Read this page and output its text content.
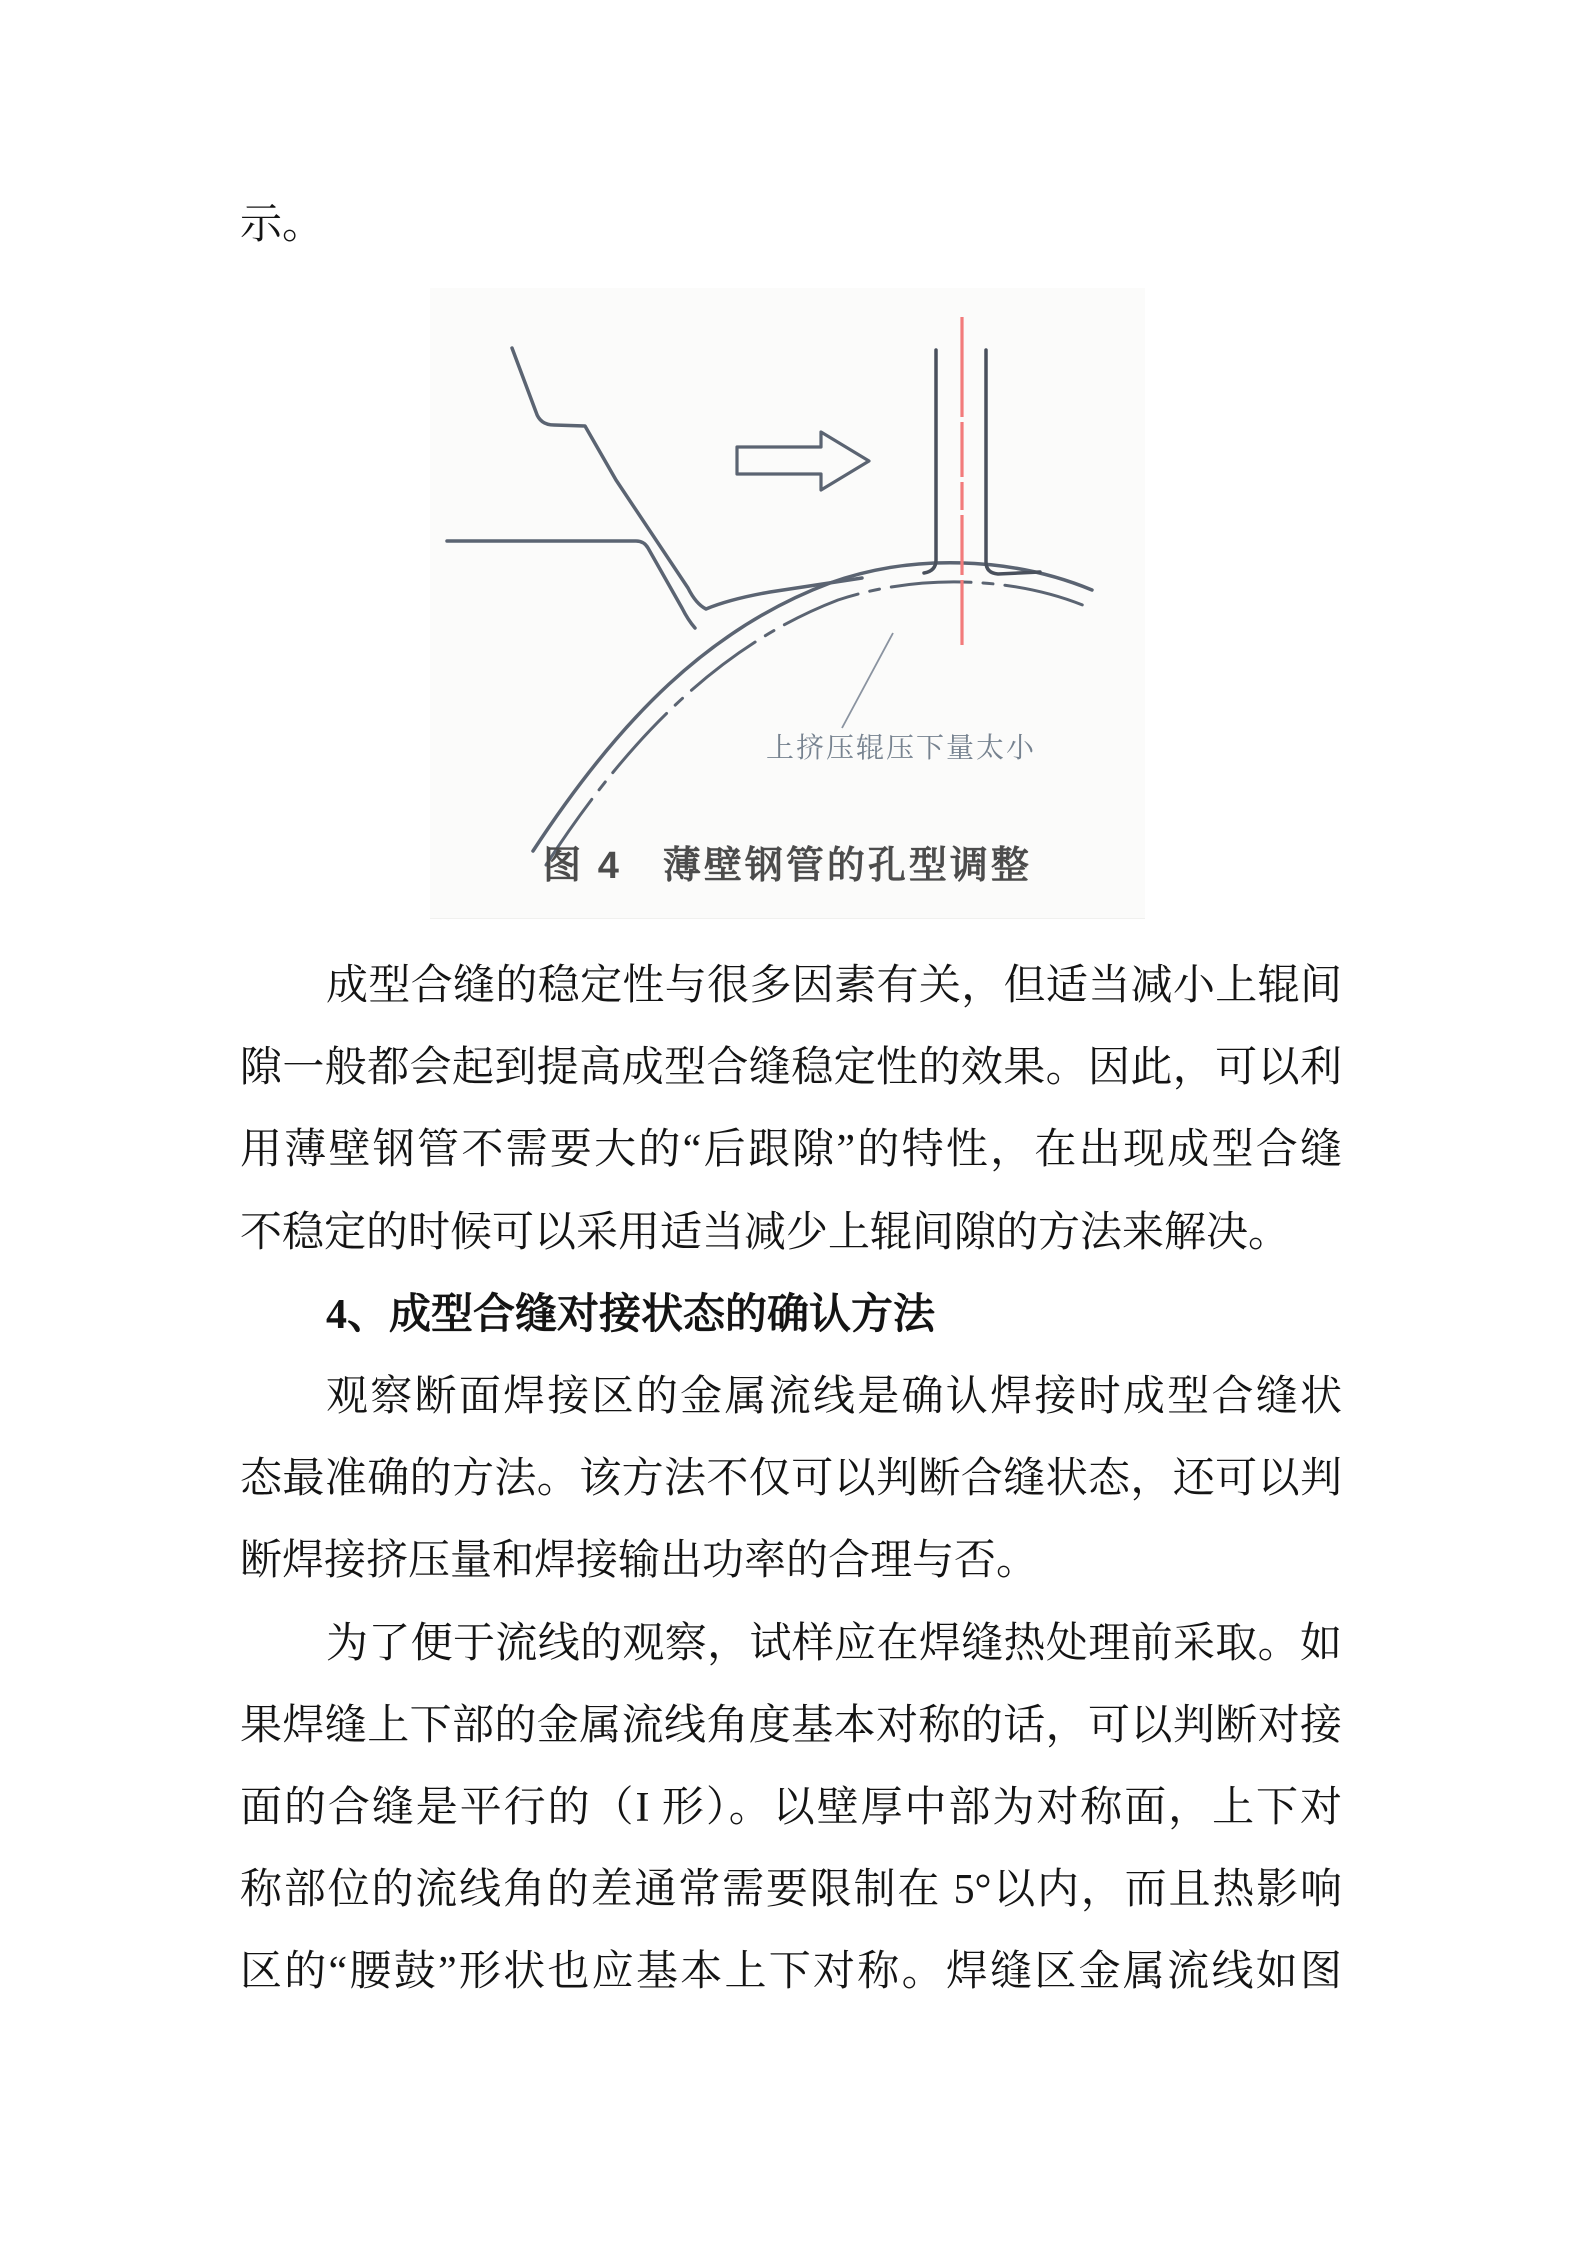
示。
成型合缝的稳定性与很多因素有关，但适当减小上辊间
隙一般都会起到提高成型合缝稳定性的效果。因此，可以利
用薄壁钢管不需要大的“后跟隙”的特性，在出现成型合缝
不稳定的时候可以采用适当减少上辊间隙的方法来解决。
4、成型合缝对接状态的确认方法
观察断面焊接区的金属流线是确认焊接时成型合缝状
态最准确的方法。该方法不仅可以判断合缝状态，还可以判
断焊接挤压量和焊接输出功率的合理与否。
为了便于流线的观察，试样应在焊缝热处理前采取。如
果焊缝上下部的金属流线角度基本对称的话，可以判断对接
面的合缝是平行的（I 形）。以壁厚中部为对称面，上下对
称部位的流线角的差通常需要限制在 5°以内，而且热影响
区的“腰鼓”形状也应基本上下对称。焊缝区金属流线如图
上挤压辊压下量太小
图 4　薄壁钢管的孔型调整
